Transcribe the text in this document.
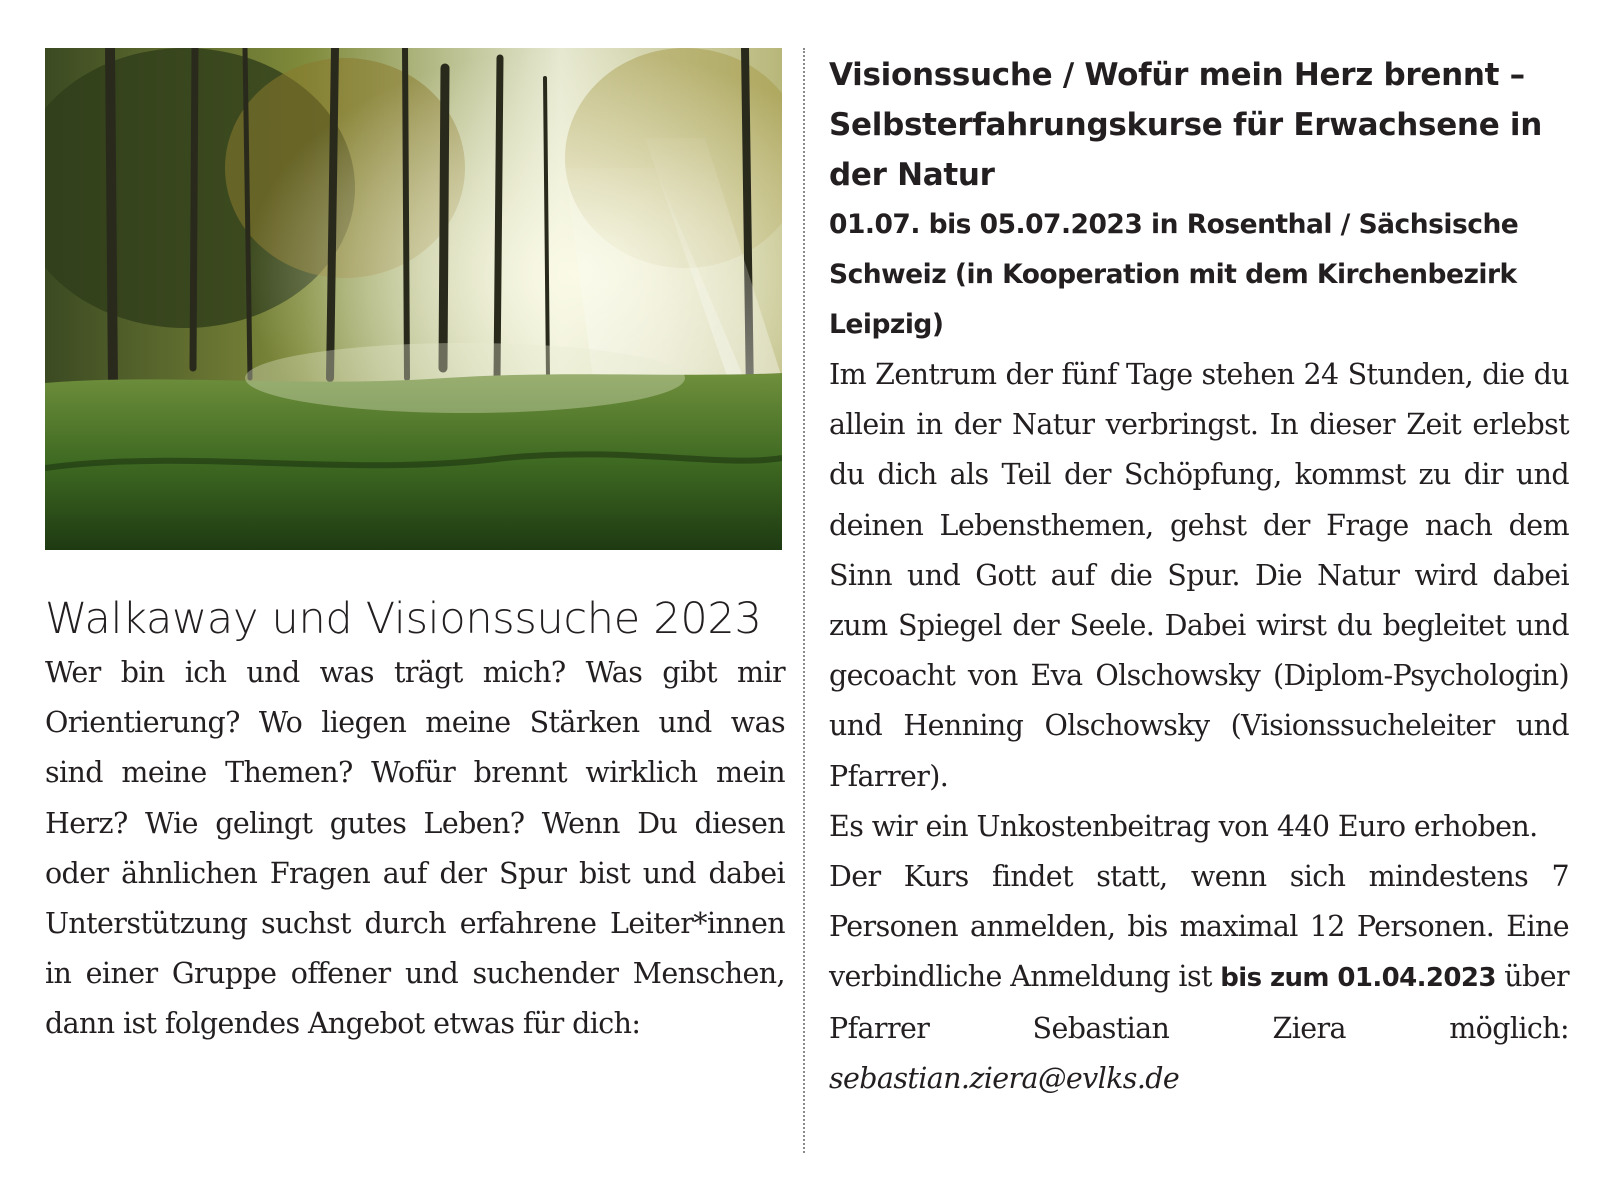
Walkaway und Visionssuche 2023

Wer bin ich und was trägt mich? Was gibt mir Orientierung? Wo liegen meine Stärken und was sind meine Themen? Wofür brennt wirklich mein Herz? Wie gelingt gutes Leben? Wenn Du diesen oder ähnlichen Fragen auf der Spur bist und dabei Unterstützung suchst durch erfahrene Leiter*innen in einer Gruppe offener und suchender Menschen, dann ist folgendes Angebot etwas für dich:

Visionssuche / Wofür mein Herz brennt – Selbsterfahrungskurse für Erwachsene in der Natur

01.07. bis 05.07.2023 in Rosenthal / Sächsische Schweiz (in Kooperation mit dem Kirchenbezirk Leipzig)

Im Zentrum der fünf Tage stehen 24 Stunden, die du allein in der Natur verbringst. In dieser Zeit erlebst du dich als Teil der Schöpfung, kommst zu dir und deinen Lebensthemen, gehst der Frage nach dem Sinn und Gott auf die Spur. Die Natur wird dabei zum Spiegel der Seele. Dabei wirst du begleitet und gecoacht von Eva Olschowsky (Diplom-Psychologin) und Henning Olschowsky (Visionssucheleiter und Pfarrer).

Es wir ein Unkostenbeitrag von 440 Euro erhoben.

Der Kurs findet statt, wenn sich mindestens 7 Personen anmelden, bis maximal 12 Personen. Eine verbindliche Anmeldung ist bis zum 01.04.2023 über Pfarrer Sebastian Ziera möglich: sebastian.ziera@evlks.de
